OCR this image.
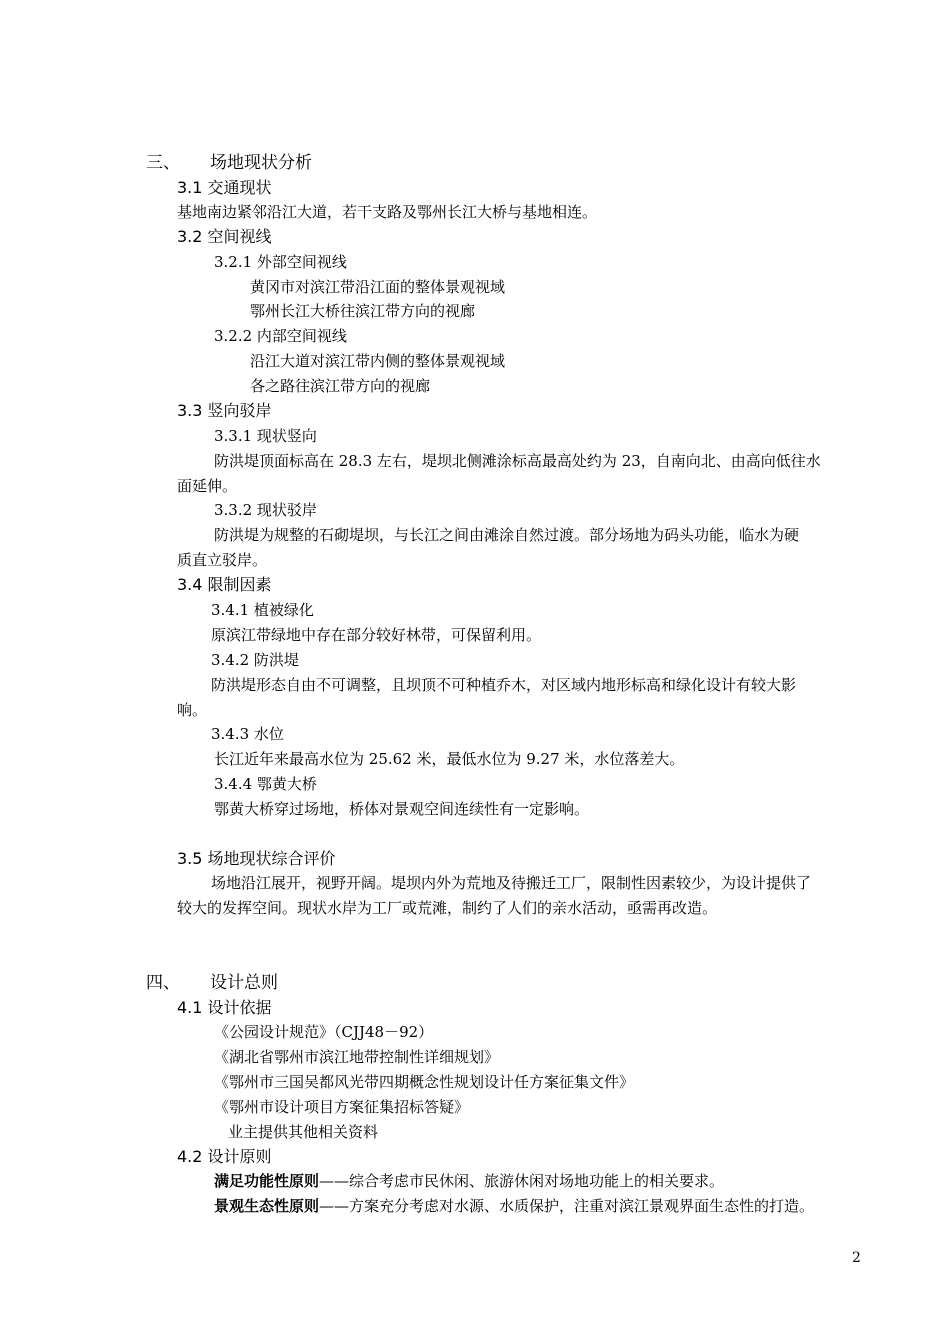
三、 场地现状分析
3.1 交通现状
基地南边紧邻沿江大道，若干支路及鄂州长江大桥与基地相连。
3.2 空间视线
3.2.1 外部空间视线
黄冈市对滨江带沿江面的整体景观视域
鄂州长江大桥往滨江带方向的视廊
3.2.2 内部空间视线
沿江大道对滨江带内侧的整体景观视域
各之路往滨江带方向的视廊
3.3 竖向驳岸
3.3.1 现状竖向
防洪堤顶面标高在 28.3 左右，堤坝北侧滩涂标高最高处约为 23，自南向北、由高向低往水
面延伸。
3.3.2 现状驳岸
防洪堤为规整的石砌堤坝，与长江之间由滩涂自然过渡。部分场地为码头功能，临水为硬
质直立驳岸。
3.4 限制因素
3.4.1 植被绿化
原滨江带绿地中存在部分较好林带，可保留利用。
3.4.2 防洪堤
防洪堤形态自由不可调整，且坝顶不可种植乔木，对区域内地形标高和绿化设计有较大影
响。
3.4.3 水位
长江近年来最高水位为 25.62 米，最低水位为 9.27 米，水位落差大。
3.4.4 鄂黄大桥
鄂黄大桥穿过场地，桥体对景观空间连续性有一定影响。
3.5 场地现状综合评价
场地沿江展开，视野开阔。堤坝内外为荒地及待搬迁工厂，限制性因素较少，为设计提供了
较大的发挥空间。现状水岸为工厂或荒滩，制约了人们的亲水活动，亟需再改造。
四、 设计总则
4.1 设计依据
《公园设计规范》（CJJ48－92）
《湖北省鄂州市滨江地带控制性详细规划》
《鄂州市三国吴都风光带四期概念性规划设计任方案征集文件》
《鄂州市设计项目方案征集招标答疑》
业主提供其他相关资料
4.2 设计原则
满足功能性原则——综合考虑市民休闲、旅游休闲对场地功能上的相关要求。
景观生态性原则——方案充分考虑对水源、水质保护，注重对滨江景观界面生态性的打造。
2
